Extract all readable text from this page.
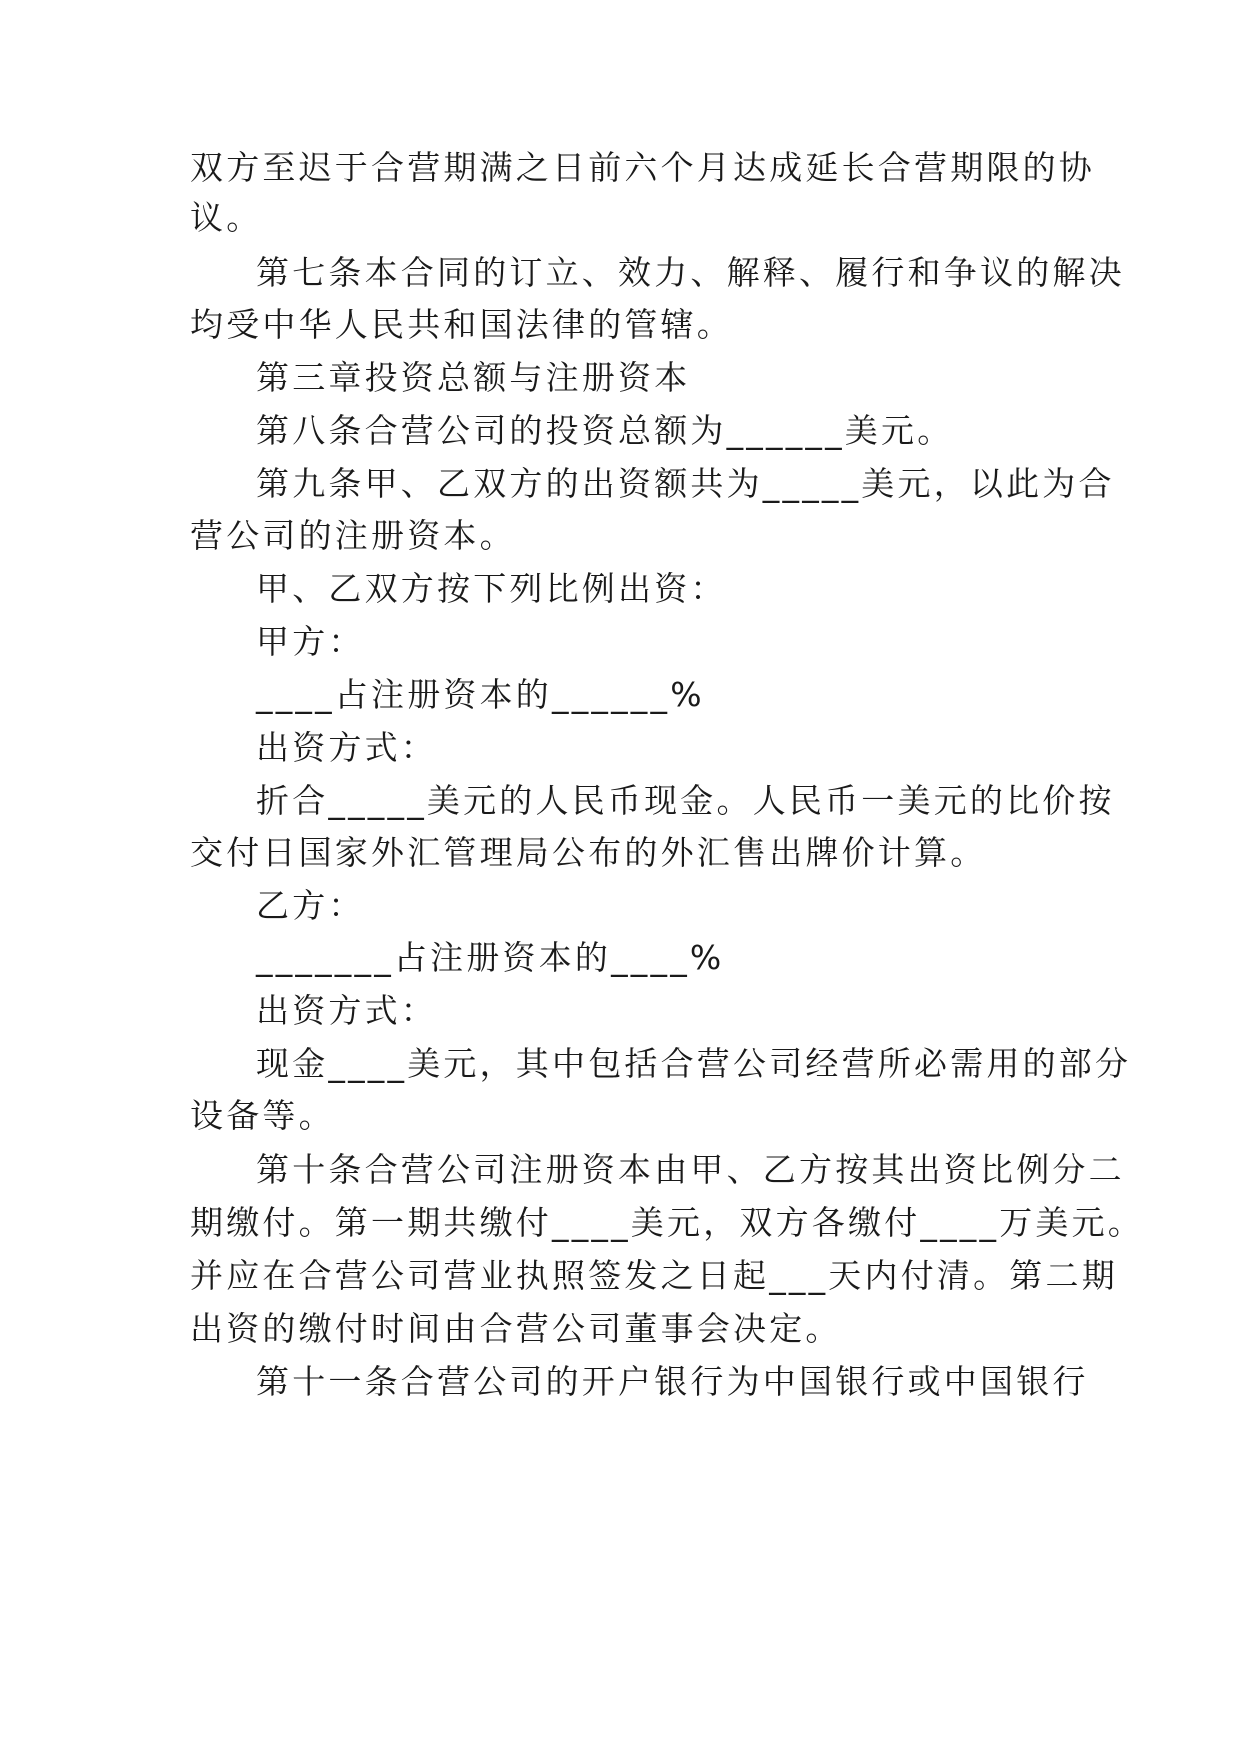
双方至迟于合营期满之日前六个月达成延长合营期限的协
议。
第七条本合同的订立、效力、解释、履行和争议的解决
均受中华人民共和国法律的管辖。
第三章投资总额与注册资本
第八条合营公司的投资总额为______美元。
第九条甲、乙双方的出资额共为_____美元，以此为合
营公司的注册资本。
甲、乙双方按下列比例出资：
甲方：
____占注册资本的______%
出资方式：
折合_____美元的人民币现金。人民币一美元的比价按
交付日国家外汇管理局公布的外汇售出牌价计算。
乙方：
_______占注册资本的____%
出资方式：
现金____美元，其中包括合营公司经营所必需用的部分
设备等。
第十条合营公司注册资本由甲、乙方按其出资比例分二
期缴付。第一期共缴付____美元，双方各缴付____万美元。
并应在合营公司营业执照签发之日起___天内付清。第二期
出资的缴付时间由合营公司董事会决定。
第十一条合营公司的开户银行为中国银行或中国银行
